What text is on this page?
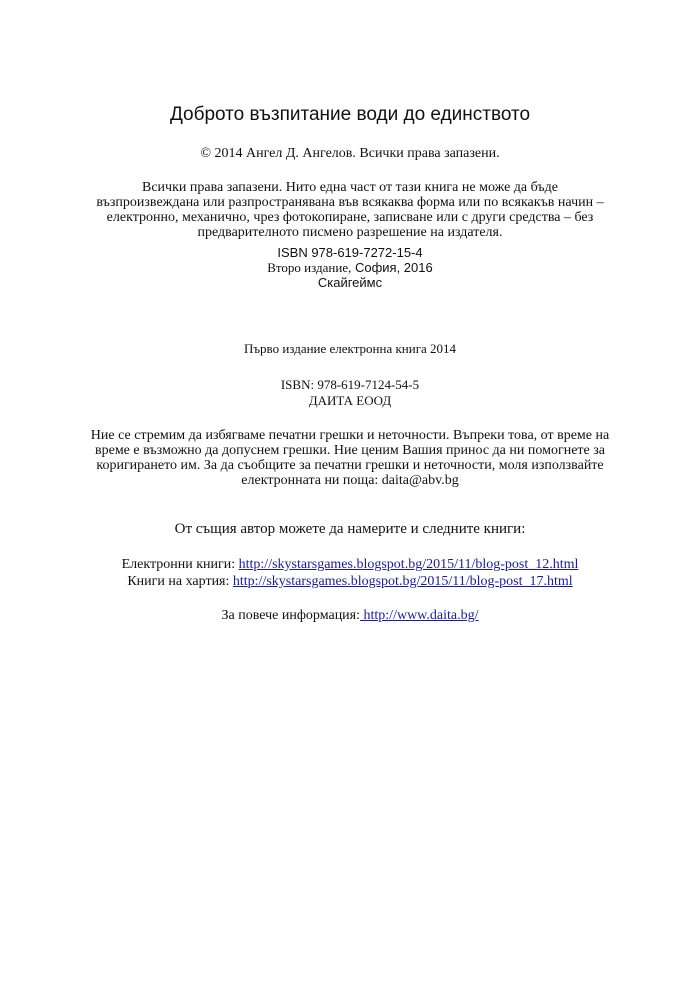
Доброто възпитание води до единството

© 2014 Ангел Д. Ангелов. Всички права запазени.

Всички права запазени. Нито една част от тази книга не може да бъде възпроизвеждана или разпространявана във всякаква форма или по всякакъв начин – електронно, механично, чрез фотокопиране, записване или с други средства – без предварителното писмено разрешение на издателя.

ISBN 978-619-7272-15-4

Второ издание, София, 2016

Скайгеймс

Първо издание електронна книга 2014

ISBN: 978-619-7124-54-5

ДАИТА ЕООД

Ние се стремим да избягваме печатни грешки и неточности. Въпреки това, от време на време е възможно да допуснем грешки. Ние ценим Вашия принос да ни помогнете за коригирането им. За да съобщите за печатни грешки и неточности, моля използвайте електронната ни поща: daita@abv.bg

От същия автор можете да намерите и следните книги:

Електронни книги: http://skystarsgames.blogspot.bg/2015/11/blog-post_12.html

Книги на хартия: http://skystarsgames.blogspot.bg/2015/11/blog-post_17.html

За повече информация: http://www.daita.bg/
